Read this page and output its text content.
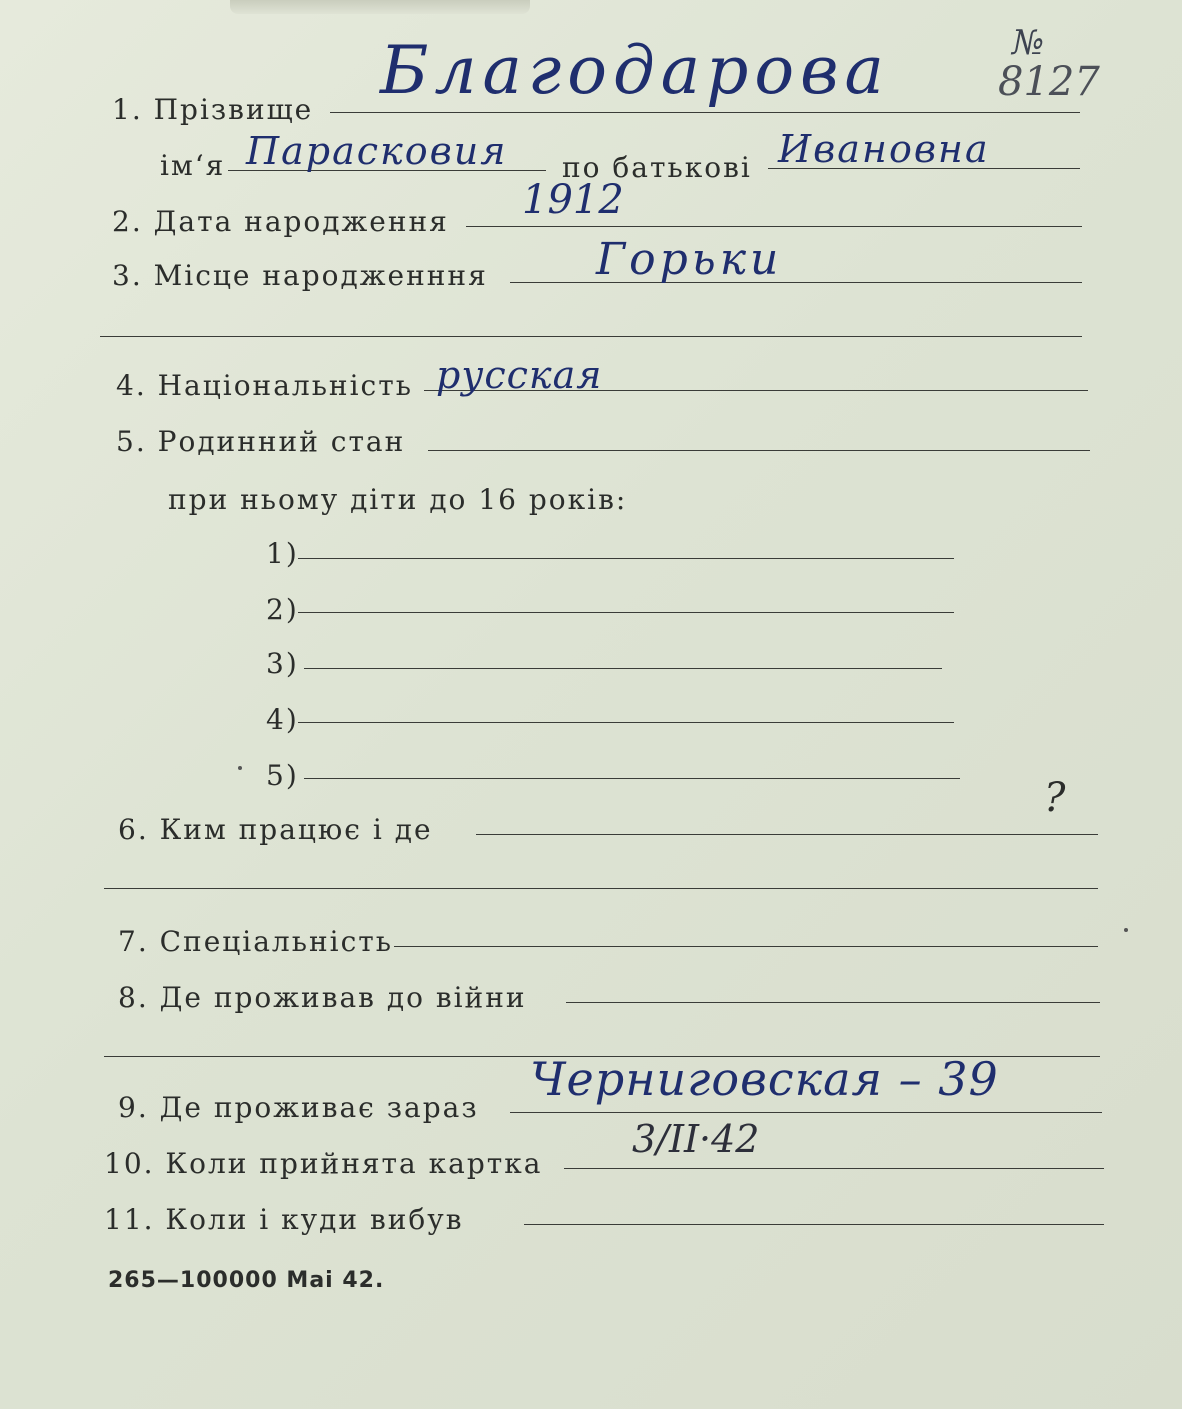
№
8127
1. Прізвище
Благодарова
ім‘я Парасковия по батькові Ивановна
2. Дата народження 1912
3. Місце народженння Горьки
4. Національність русская
5. Родинний стан
при ньому діти до 16 років:
1)
2)
3)
4)
5)
6. Ким працює і де
?
7. Спеціальність
8. Де проживав до війни
9. Де проживає зараз
Черниговская – 39
10. Коли прийнята картка
3/ІІ·42
11. Коли і куди вибув
265—100000 Mai 42.
